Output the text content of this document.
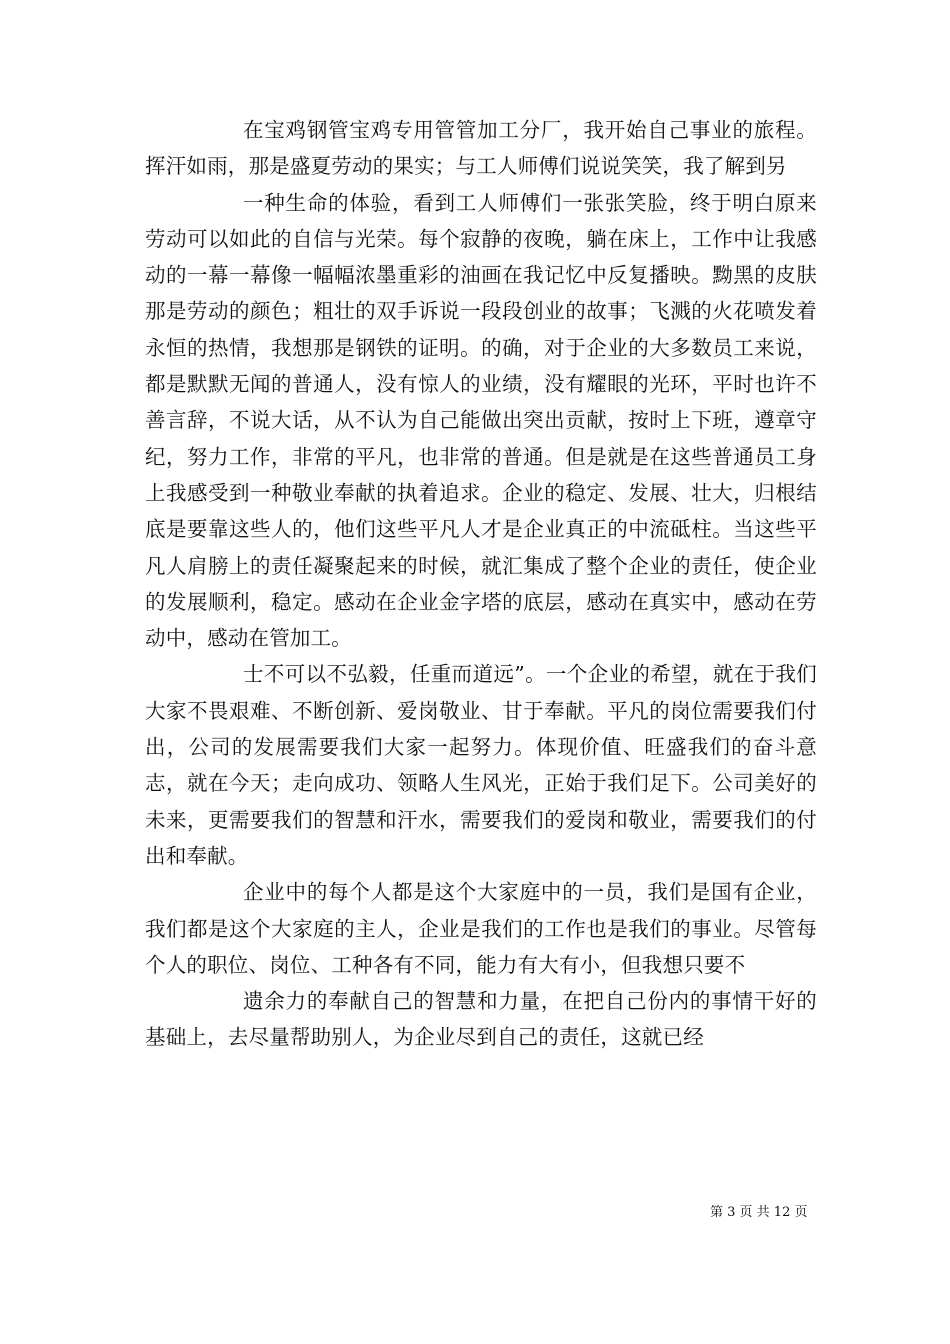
在宝鸡钢管宝鸡专用管管加工分厂，我开始自己事业的旅程。挥汗如雨，那是盛夏劳动的果实；与工人师傅们说说笑笑，我了解到另

一种生命的体验，看到工人师傅们一张张笑脸，终于明白原来劳动可以如此的自信与光荣。每个寂静的夜晚，躺在床上，工作中让我感动的一幕一幕像一幅幅浓墨重彩的油画在我记忆中反复播映。黝黑的皮肤那是劳动的颜色；粗壮的双手诉说一段段创业的故事；飞溅的火花喷发着永恒的热情，我想那是钢铁的证明。的确，对于企业的大多数员工来说，都是默默无闻的普通人，没有惊人的业绩，没有耀眼的光环，平时也许不善言辞，不说大话，从不认为自己能做出突出贡献，按时上下班，遵章守纪，努力工作，非常的平凡，也非常的普通。但是就是在这些普通员工身上我感受到一种敬业奉献的执着追求。企业的稳定、发展、壮大，归根结底是要靠这些人的，他们这些平凡人才是企业真正的中流砥柱。当这些平凡人肩膀上的责任凝聚起来的时候，就汇集成了整个企业的责任，使企业的发展顺利，稳定。感动在企业金字塔的底层，感动在真实中，感动在劳动中，感动在管加工。

士不可以不弘毅，任重而道远”。一个企业的希望，就在于我们大家不畏艰难、不断创新、爱岗敬业、甘于奉献。平凡的岗位需要我们付出，公司的发展需要我们大家一起努力。体现价值、旺盛我们的奋斗意志，就在今天；走向成功、领略人生风光，正始于我们足下。公司美好的未来，更需要我们的智慧和汗水，需要我们的爱岗和敬业，需要我们的付出和奉献。

企业中的每个人都是这个大家庭中的一员，我们是国有企业，我们都是这个大家庭的主人，企业是我们的工作也是我们的事业。尽管每个人的职位、岗位、工种各有不同，能力有大有小，但我想只要不

遗余力的奉献自己的智慧和力量，在把自己份内的事情干好的基础上，去尽量帮助别人，为企业尽到自己的责任，这就已经

第 3 页 共 12 页
